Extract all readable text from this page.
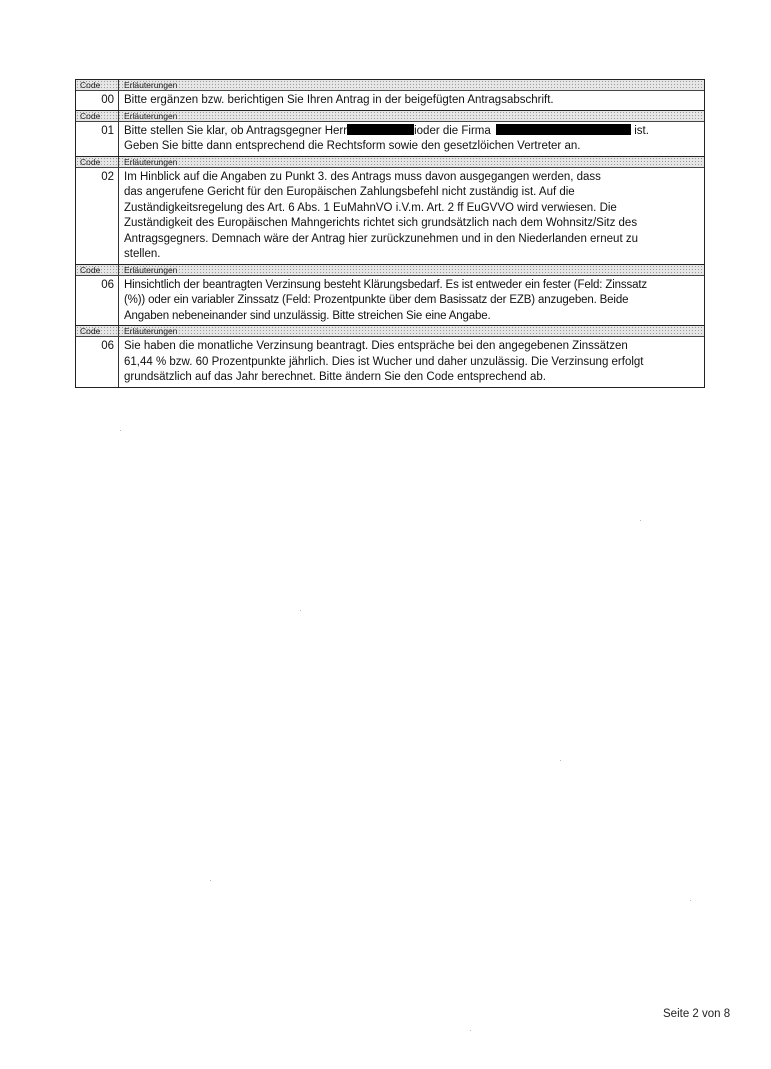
Code	Erläuterungen
00 Bitte ergänzen bzw. berichtigen Sie Ihren Antrag in der beigefügten Antragsabschrift.
Code	Erläuterungen
01 Bitte stellen Sie klar, ob Antragsgegner Herr	ioder die Firma	ist.
Geben Sie bitte dann entsprechend die Rechtsform sowie den gesetzlöichen Vertreter an.
Code	Erläuterungen
02 Im Hinblick auf die Angaben zu Punkt 3. des Antrags muss davon ausgegangen werden, dass
das angerufene Gericht für den Europäischen Zahlungsbefehl nicht zuständig ist. Auf die
Zuständigkeitsregelung des Art. 6 Abs. 1 EuMahnVO i.V.m. Art. 2 ff EuGVVO wird verwiesen. Die
Zuständigkeit des Europäischen Mahngerichts richtet sich grundsätzlich nach dem Wohnsitz/Sitz des
Antragsgegners. Demnach wäre der Antrag hier zurückzunehmen und in den Niederlanden erneut zu
stellen.
Code	Erläuterungen
06 Hinsichtlich der beantragten Verzinsung besteht Klärungsbedarf. Es ist entweder ein fester (Feld: Zinssatz
(%)) oder ein variabler Zinssatz (Feld: Prozentpunkte über dem Basissatz der EZB) anzugeben. Beide
Angaben nebeneinander sind unzulässig. Bitte streichen Sie eine Angabe.
Code	Erläuterungen
06 Sie haben die monatliche Verzinsung beantragt. Dies entspräche bei den angegebenen Zinssätzen
61,44 % bzw. 60 Prozentpunkte jährlich. Dies ist Wucher und daher unzulässig. Die Verzinsung erfolgt
grundsätzlich auf das Jahr berechnet. Bitte ändern Sie den Code entsprechend ab.
Seite 2 von 8
